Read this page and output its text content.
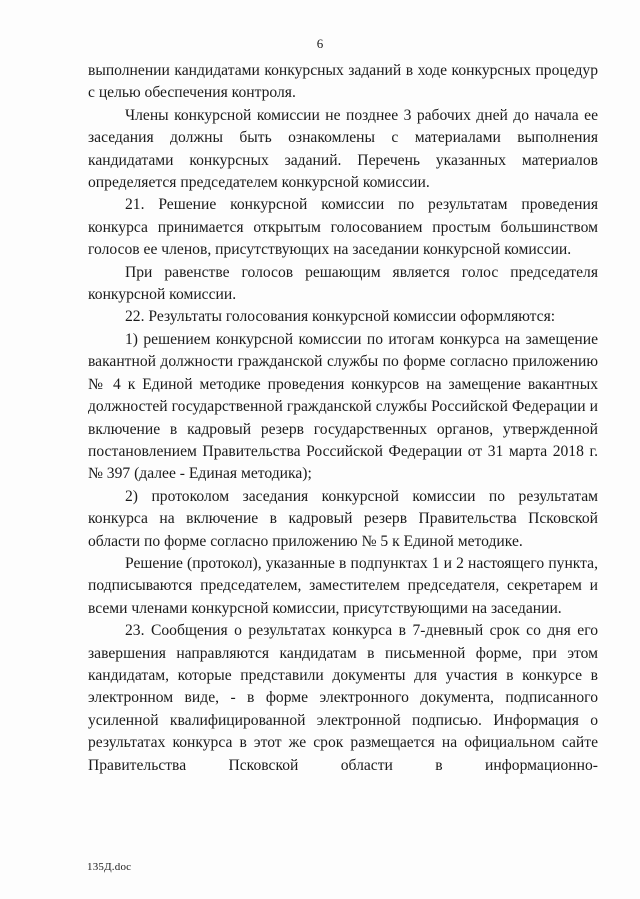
6

выполнении кандидатами конкурсных заданий в ходе конкурсных процедур с целью обеспечения контроля.

Члены конкурсной комиссии не позднее 3 рабочих дней до начала ее заседания должны быть ознакомлены с материалами выполнения кандидатами конкурсных заданий. Перечень указанных материалов определяется председателем конкурсной комиссии.

21. Решение конкурсной комиссии по результатам проведения конкурса принимается открытым голосованием простым большинством голосов ее членов, присутствующих на заседании конкурсной комиссии.

При равенстве голосов решающим является голос председателя конкурсной комиссии.

22. Результаты голосования конкурсной комиссии оформляются:

1) решением конкурсной комиссии по итогам конкурса на замещение вакантной должности гражданской службы по форме согласно приложению № 4 к Единой методике проведения конкурсов на замещение вакантных должностей государственной гражданской службы Российской Федерации и включение в кадровый резерв государственных органов, утвержденной постановлением Правительства Российской Федерации от 31 марта 2018 г. № 397 (далее - Единая методика);

2) протоколом заседания конкурсной комиссии по результатам конкурса на включение в кадровый резерв Правительства Псковской области по форме согласно приложению № 5 к Единой методике.

Решение (протокол), указанные в подпунктах 1 и 2 настоящего пункта, подписываются председателем, заместителем председателя, секретарем и всеми членами конкурсной комиссии, присутствующими на заседании.

23. Сообщения о результатах конкурса в 7-дневный срок со дня его завершения направляются кандидатам в письменной форме, при этом кандидатам, которые представили документы для участия в конкурсе в электронном виде, - в форме электронного документа, подписанного усиленной квалифицированной электронной подписью. Информация о результатах конкурса в этот же срок размещается на официальном сайте Правительства Псковской области в информационно-

135Д.doc
